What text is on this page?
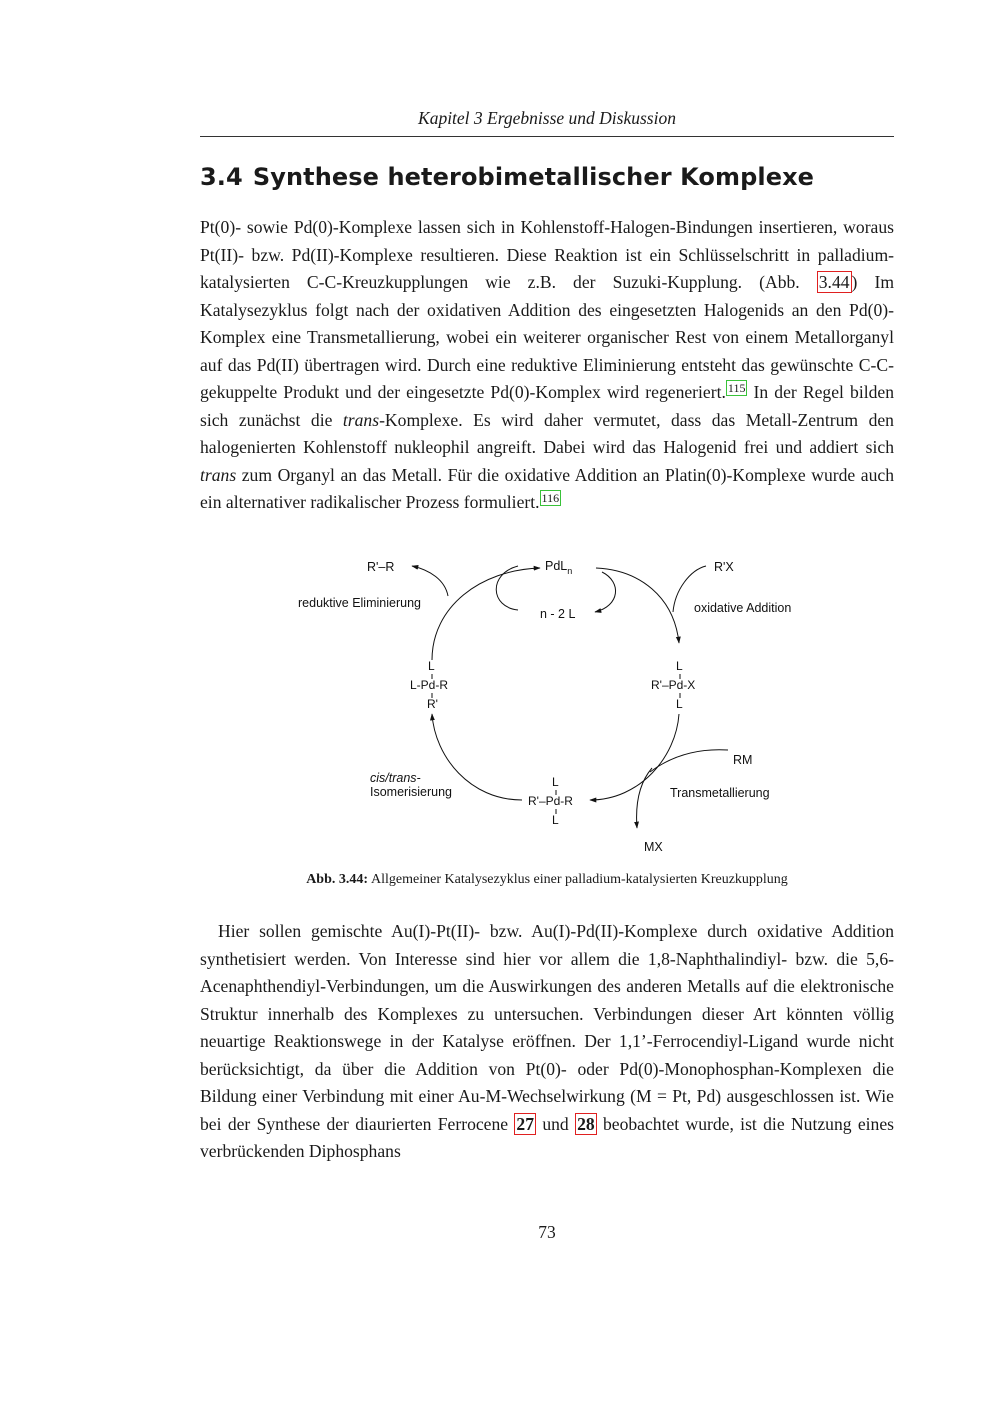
Kapitel 3 Ergebnisse und Diskussion
3.4 Synthese heterobimetallischer Komplexe

Pt(0)- sowie Pd(0)-Komplexe lassen sich in Kohlenstoff-Halogen-Bindungen insertieren, woraus Pt(II)- bzw. Pd(II)-Komplexe resultieren. Diese Reaktion ist ein Schlüsselschritt in palladium-katalysierten C-C-Kreuzkupplungen wie z.B. der Suzuki-Kupplung. (Abb. 3.44 ) Im Katalysezyklus folgt nach der oxidativen Addition des eingesetzten Halogenids an den Pd(0)-Komplex eine Transmetallierung, wobei ein weiterer organischer Rest von einem Metallorganyl auf das Pd(II) übertragen wird. Durch eine reduktive Eliminierung entsteht das gewünschte C-C-gekuppelte Produkt und der eingesetzte Pd(0)-Komplex wird regeneriert. $^{115}$ In der Regel bilden sich zunächst die trans-Komplexe. Es wird daher vermutet, dass das Metall-Zentrum den halogenierten Kohlenstoff nukleophil angreift. Dabei wird das Halogenid frei und addiert sich trans zum Organyl an das Metall. Für die oxidative Addition an Platin(0)-Komplexe wurde auch ein alternativer radikalischer Prozess formuliert. $^{116}$

PdL$_n$
n - 2 L
R'–R	R'X
reduktive Eliminierung	oxidative Addition
L
L-Pd-R
R'
L
R'–Pd-X
L
L
R'–Pd-R
L
cis/trans-
Isomerisierung
RM
Transmetallierung
MX

Abb. 3.44: Allgemeiner Katalysezyklus einer palladium-katalysierten Kreuzkupplung

Hier sollen gemischte Au(I)-Pt(II)- bzw. Au(I)-Pd(II)-Komplexe durch oxidative Addition synthetisiert werden. Von Interesse sind hier vor allem die 1,8-Naphthalindiyl- bzw. die 5,6-Acenaphthendiyl-Verbindungen, um die Auswirkungen des anderen Metalls auf die elektronische Struktur innerhalb des Komplexes zu untersuchen. Verbindungen dieser Art könnten völlig neuartige Reaktionswege in der Katalyse eröffnen. Der 1,1’-Ferrocendiyl-Ligand wurde nicht berücksichtigt, da über die Addition von Pt(0)- oder Pd(0)-Monophosphan-Komplexen die Bildung einer Verbindung mit einer Au-M-Wechselwirkung (M = Pt, Pd) ausgeschlossen ist. Wie bei der Synthese der diaurierten Ferrocene 27 und 28 beobachtet wurde, ist die Nutzung eines verbrückenden Diphosphans

73
